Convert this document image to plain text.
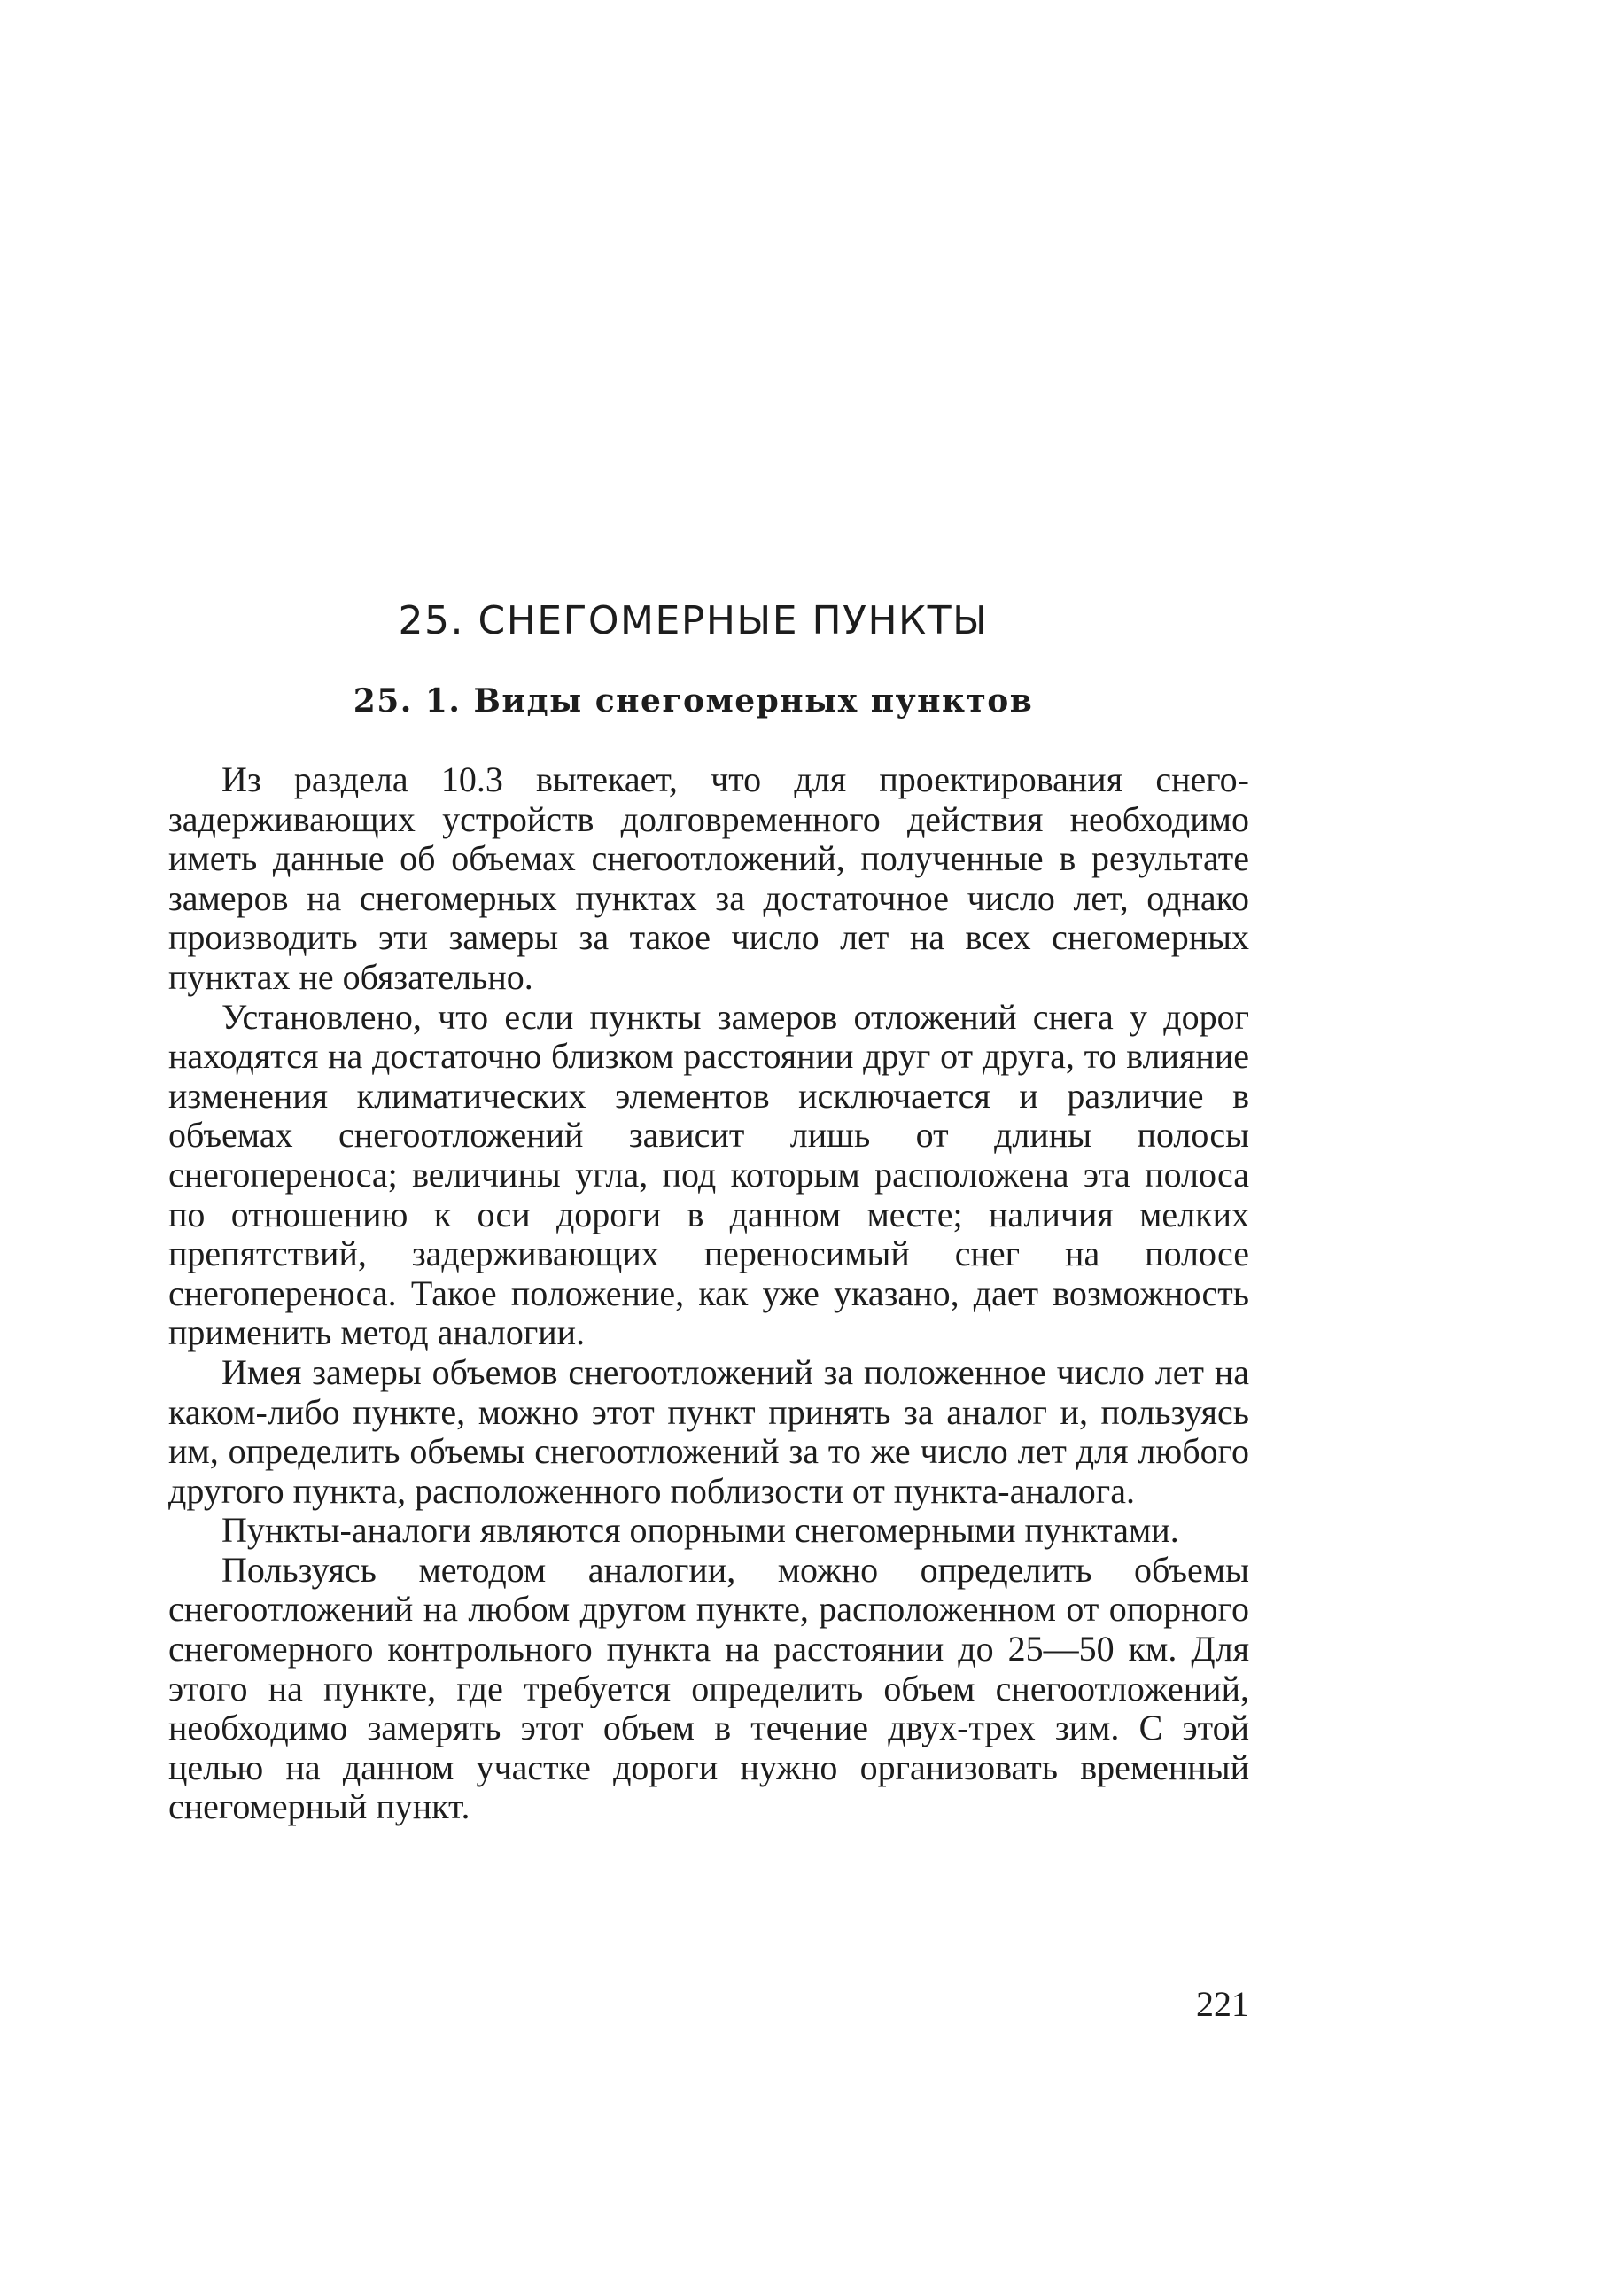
25. СНЕГОМЕРНЫЕ ПУНКТЫ
25. 1. Виды снегомерных пунктов

Из раздела 10.3 вытекает, что для проектирования снегозадерживающих устройств долговременного действия необходимо иметь данные об объемах снегоотложений, полученные в результате замеров на снегомерных пунктах за достаточное число лет, однако производить эти замеры за такое число лет на всех снегомерных пунктах не обязательно.

Установлено, что если пункты замеров отложений снега у дорог находятся на достаточно близком расстоянии друг от друга, то влияние изменения климатических элементов исключается и различие в объемах снегоотложений зависит лишь от длины полосы снегопереноса; величины угла, под которым расположена эта полоса по отношению к оси дороги в данном месте; наличия мелких препятствий, задерживающих переносимый снег на полосе снегопереноса. Такое положение, как уже указано, дает возможность применить метод аналогии.

Имея замеры объемов снегоотложений за положенное число лет на каком-либо пункте, можно этот пункт принять за аналог и, пользуясь им, определить объемы снегоотложений за то же число лет для любого другого пункта, расположенного поблизости от пункта-аналога.

Пункты-аналоги являются опорными снегомерными пунктами.

Пользуясь методом аналогии, можно определить объемы снегоотложений на любом другом пункте, расположенном от опорного снегомерного контрольного пункта на расстоянии до 25—50 км. Для этого на пункте, где требуется определить объем снегоотложений, необходимо замерять этот объем в течение двух-трех зим. С этой целью на данном участке дороги нужно организовать временный снегомерный пункт.

221
